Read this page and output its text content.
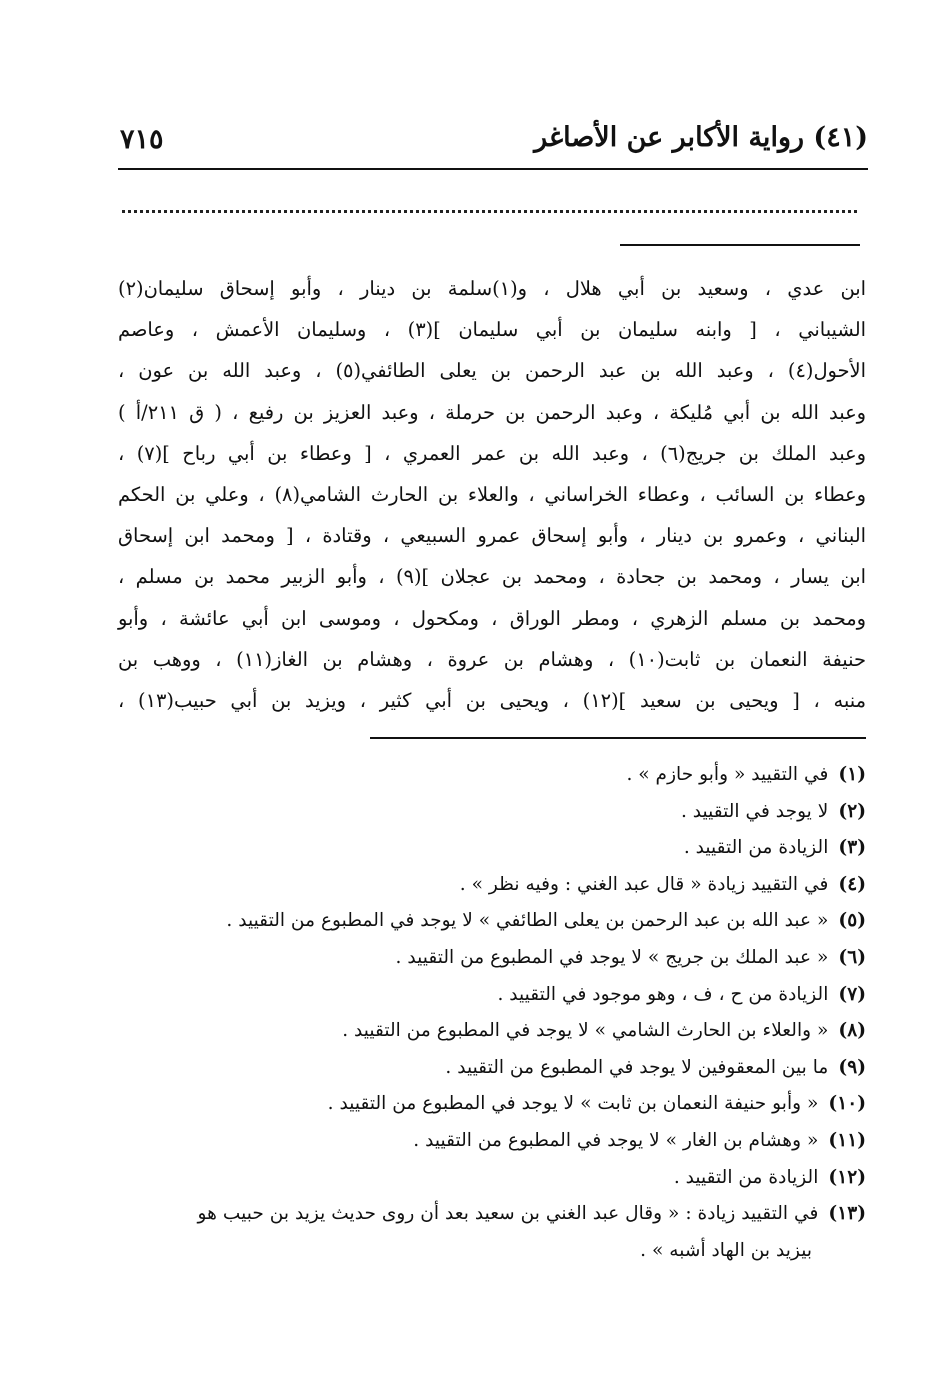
(٤١) رواية الأكابر عن الأصاغر
٧١٥
ابن عدي ، وسعيد بن أبي هلال ، و(١)سلمة بن دينار ، وأبو إسحاق سليمان(٢)
الشيباني ، [ وابنه سليمان بن أبي سليمان ](٣) ، وسليمان الأعمش ، وعاصم
الأحول(٤) ، وعبد الله بن عبد الرحمن بن يعلى الطائفي(٥) ، وعبد الله بن عون ،
وعبد الله بن أبي مُليكة ، وعبد الرحمن بن حرملة ، وعبد العزيز بن رفيع ، ( ق ٢١١/أ )
وعبد الملك بن جريج(٦) ، وعبد الله بن عمر العمري ، [ وعطاء بن أبي رباح ](٧) ،
وعطاء بن السائب ، وعطاء الخراساني ، والعلاء بن الحارث الشامي(٨) ، وعلي بن الحكم
البناني ، وعمرو بن دينار ، وأبو إسحاق عمرو السبيعي ، وقتادة ، [ ومحمد ابن إسحاق
ابن يسار ، ومحمد بن جحادة ، ومحمد بن عجلان ](٩) ، وأبو الزبير محمد بن مسلم ،
ومحمد بن مسلم الزهري ، ومطر الوراق ، ومكحول ، وموسى ابن أبي عائشة ، وأبو
حنيفة النعمان بن ثابت(١٠) ، وهشام بن عروة ، وهشام بن الغاز(١١) ، ووهب بن
منبه ، [ ويحيى بن سعيد ](١٢) ، ويحيى بن أبي كثير ، ويزيد بن أبي حبيب(١٣) ،
(١)
في التقييد « وأبو حازم » .
(٢)
لا يوجد في التقييد .
(٣)
الزيادة من التقييد .
(٤)
في التقييد زيادة « قال عبد الغني : وفيه نظر » .
(٥)
« عبد الله بن عبد الرحمن بن يعلى الطائفي » لا يوجد في المطبوع من التقييد .
(٦)
« عبد الملك بن جريج » لا يوجد في المطبوع من التقييد .
(٧)
الزيادة من ح ، ف ، وهو موجود في التقييد .
(٨)
« والعلاء بن الحارث الشامي » لا يوجد في المطبوع من التقييد .
(٩)
ما بين المعقوفين لا يوجد في المطبوع من التقييد .
(١٠)
« وأبو حنيفة النعمان بن ثابت » لا يوجد في المطبوع من التقييد .
(١١)
« وهشام بن الغار » لا يوجد في المطبوع من التقييد .
(١٢)
الزيادة من التقييد .
(١٣)
في التقييد زيادة : « وقال عبد الغني بن سعيد بعد أن روى حديث يزيد بن حبيب هو
بيزيد بن الهاد أشبه » .
